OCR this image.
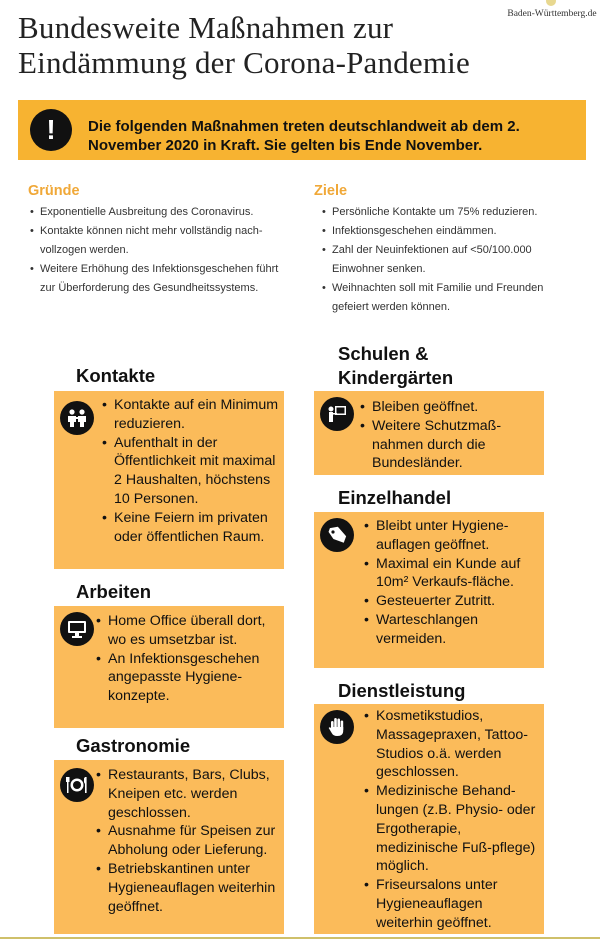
Bundesweite Maßnahmen zur
Eindämmung der Corona-Pandemie
Baden-Württemberg.de
!	Die folgenden Maßnahmen treten deutschlandweit ab dem 2. November 2020 in Kraft. Sie gelten bis Ende November.
Gründe
• Exponentielle Ausbreitung des Coronavirus.
• Kontakte können nicht mehr vollständig nach-vollzogen werden.
• Weitere Erhöhung des Infektionsgeschehen führt zur Überforderung des Gesundheitssystems.
Ziele
• Persönliche Kontakte um 75% reduzieren.
• Infektionsgeschehen eindämmen.
• Zahl der Neuinfektionen auf <50/100.000 Einwohner senken.
• Weihnachten soll mit Familie und Freunden gefeiert werden können.
Kontakte
• Kontakte auf ein Minimum reduzieren.
• Aufenthalt in der Öffentlichkeit mit maximal 2 Haushalten, höchstens 10 Personen.
• Keine Feiern im privaten oder öffentlichen Raum.
Arbeiten
• Home Office überall dort, wo es umsetzbar ist.
• An Infektionsgeschehen angepasste Hygiene-konzepte.
Gastronomie
• Restaurants, Bars, Clubs, Kneipen etc. werden geschlossen.
• Ausnahme für Speisen zur Abholung oder Lieferung.
• Betriebskantinen unter Hygieneauflagen weiterhin geöffnet.
Schulen &
Kindergärten
• Bleiben geöffnet.
• Weitere Schutzmaß-nahmen durch die Bundesländer.
Einzelhandel
• Bleibt unter Hygiene-auflagen geöffnet.
• Maximal ein Kunde auf 10m² Verkaufs-fläche.
• Gesteuerter Zutritt.
• Warteschlangen vermeiden.
Dienstleistung
• Kosmetikstudios, Massagepraxen, Tattoo-Studios o.ä. werden geschlossen.
• Medizinische Behand-lungen (z.B. Physio- oder Ergotherapie, medizinische Fuß-pflege) möglich.
• Friseursalons unter Hygieneauflagen weiterhin geöffnet.
